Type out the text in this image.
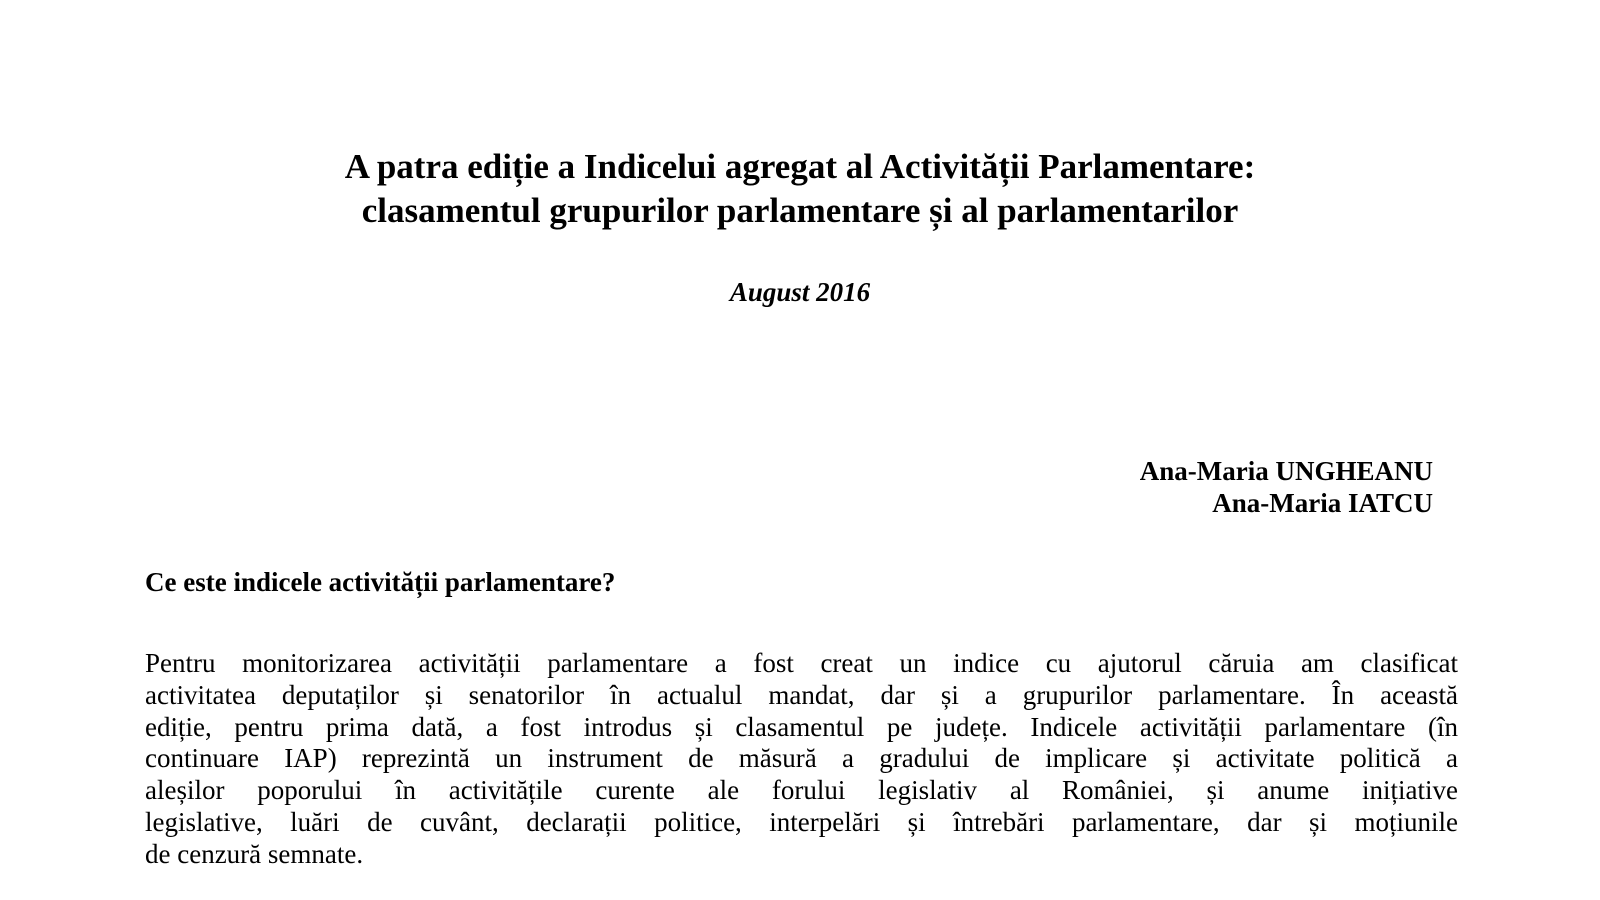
A patra ediție a Indicelui agregat al Activității Parlamentare:
clasamentul grupurilor parlamentare și al parlamentarilor
August 2016
Ana-Maria UNGHEANU
Ana-Maria IATCU
Ce este indicele activității parlamentare?
Pentru monitorizarea activității parlamentare a fost creat un indice cu ajutorul căruia am clasificat
activitatea deputaților și senatorilor în actualul mandat, dar și a grupurilor parlamentare. În această
ediție, pentru prima dată, a fost introdus și clasamentul pe județe. Indicele activității parlamentare (în
continuare IAP) reprezintă un instrument de măsură a gradului de implicare și activitate politică a
aleșilor poporului în activitățile curente ale forului legislativ al României, și anume inițiative
legislative, luări de cuvânt, declarații politice, interpelări și întrebări parlamentare, dar și moțiunile
de cenzură semnate.
